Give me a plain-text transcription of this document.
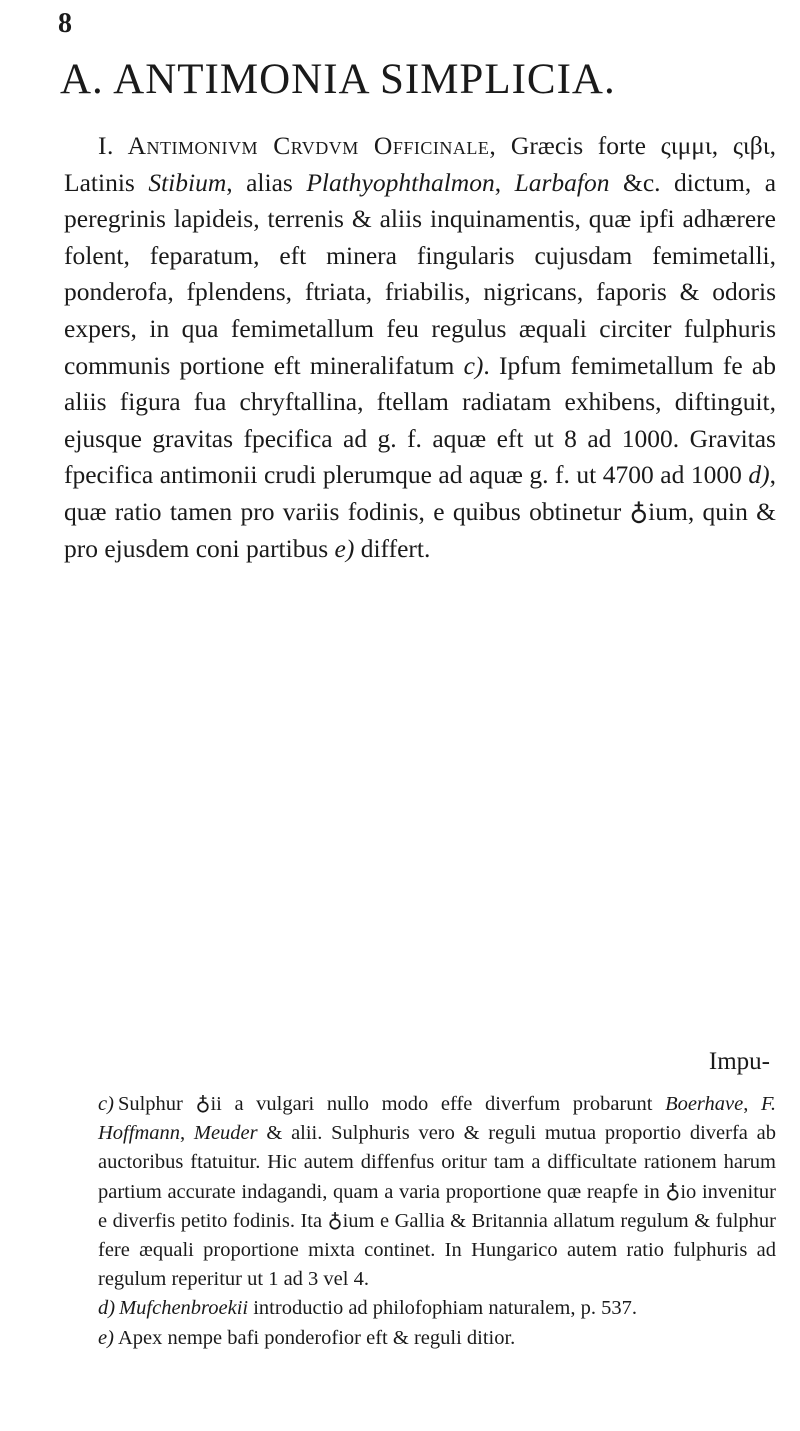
8
A. ANTIMONIA SIMPLICIA.
I. Antimonivm Crvdvm Officinale, Græcis forte ςιμμι, ςιβι, Latinis Stibium, alias Plathyophthalmon, Larbafon &c. dictum, a peregrinis lapideis, terrenis & aliis inquinamentis, quæ ipfi adhærere folent, feparatum, eft minera fingularis cujusdam femimetalli, ponderofa, fplendens, ftriata, friabilis, nigricans, faporis & odoris expers, in qua femimetallum feu regulus æquali circiter fulphuris communis portione eft mineralifatum c). Ipfum femimetallum fe ab aliis figura fua chryftallina, ftellam radiatam exhibens, diftinguit, ejusque gravitas fpecifica ad g. f. aquæ eft ut 8 ad 1000. Gravitas fpecifica antimonii crudi plerumque ad aquæ g. f. ut 4700 ad 1000 d), quæ ratio tamen pro variis fodinis, e quibus obtinetur ♁ium, quin & pro ejusdem coni partibus e) differt.
Impu-

c) Sulphur ♁ii a vulgari nullo modo effe diverfum probarunt Boerhave, F. Hoffmann, Meuder & alii. Sulphuris vero & reguli mutua proportio diverfa ab auctoribus ftatuitur. Hic autem diffenfus oritur tam a difficultate rationem harum partium accurate indagandi, quam a varia proportione quæ reapfe in ♁io invenitur e diverfis petito fodinis. Ita ♁ium e Gallia & Britannia allatum regulum & fulphur fere æquali proportione mixta continet. In Hungarico autem ratio fulphuris ad regulum reperitur ut 1 ad 3 vel 4.

d) Mufchenbroekii introductio ad philofophiam naturalem, p. 537.

e) Apex nempe bafi ponderofior eft & reguli ditior.
